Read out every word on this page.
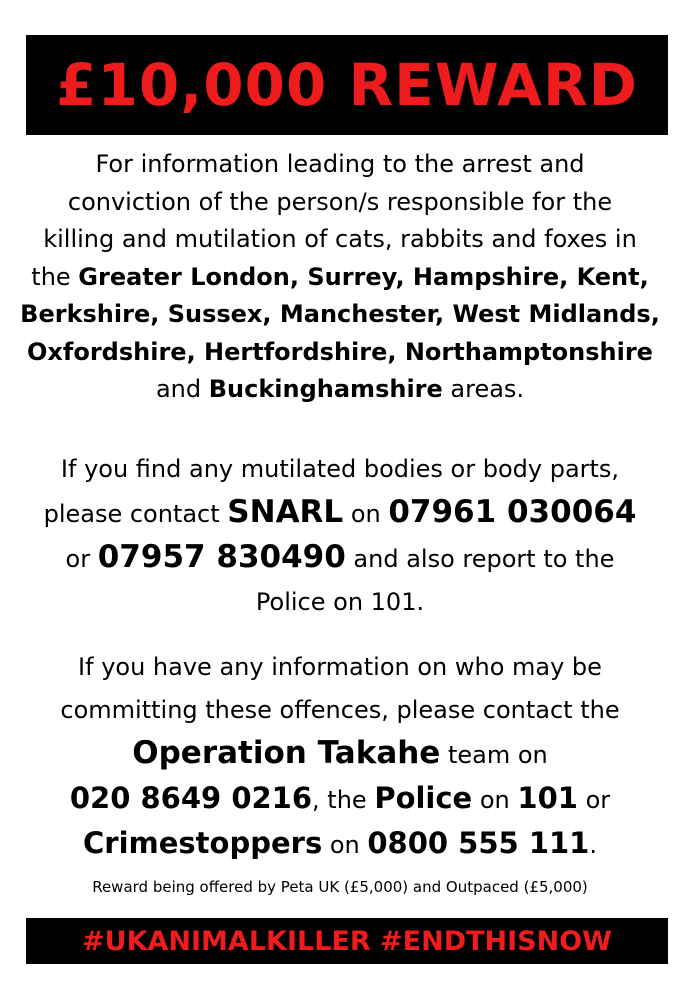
£10,000 REWARD
For information leading to the arrest and
conviction of the person/s responsible for the
killing and mutilation of cats, rabbits and foxes in
the Greater London, Surrey, Hampshire, Kent,
Berkshire, Sussex, Manchester, West Midlands,
Oxfordshire, Hertfordshire, Northamptonshire
and Buckinghamshire areas.
If you find any mutilated bodies or body parts,
please contact SNARL on 07961 030064
or 07957 830490 and also report to the
Police on 101.
If you have any information on who may be
committing these offences, please contact the
Operation Takahe team on
020 8649 0216, the Police on 101 or
Crimestoppers on 0800 555 111.
Reward being offered by Peta UK (£5,000) and Outpaced (£5,000)
#UKANIMALKILLER #ENDTHISNOW
